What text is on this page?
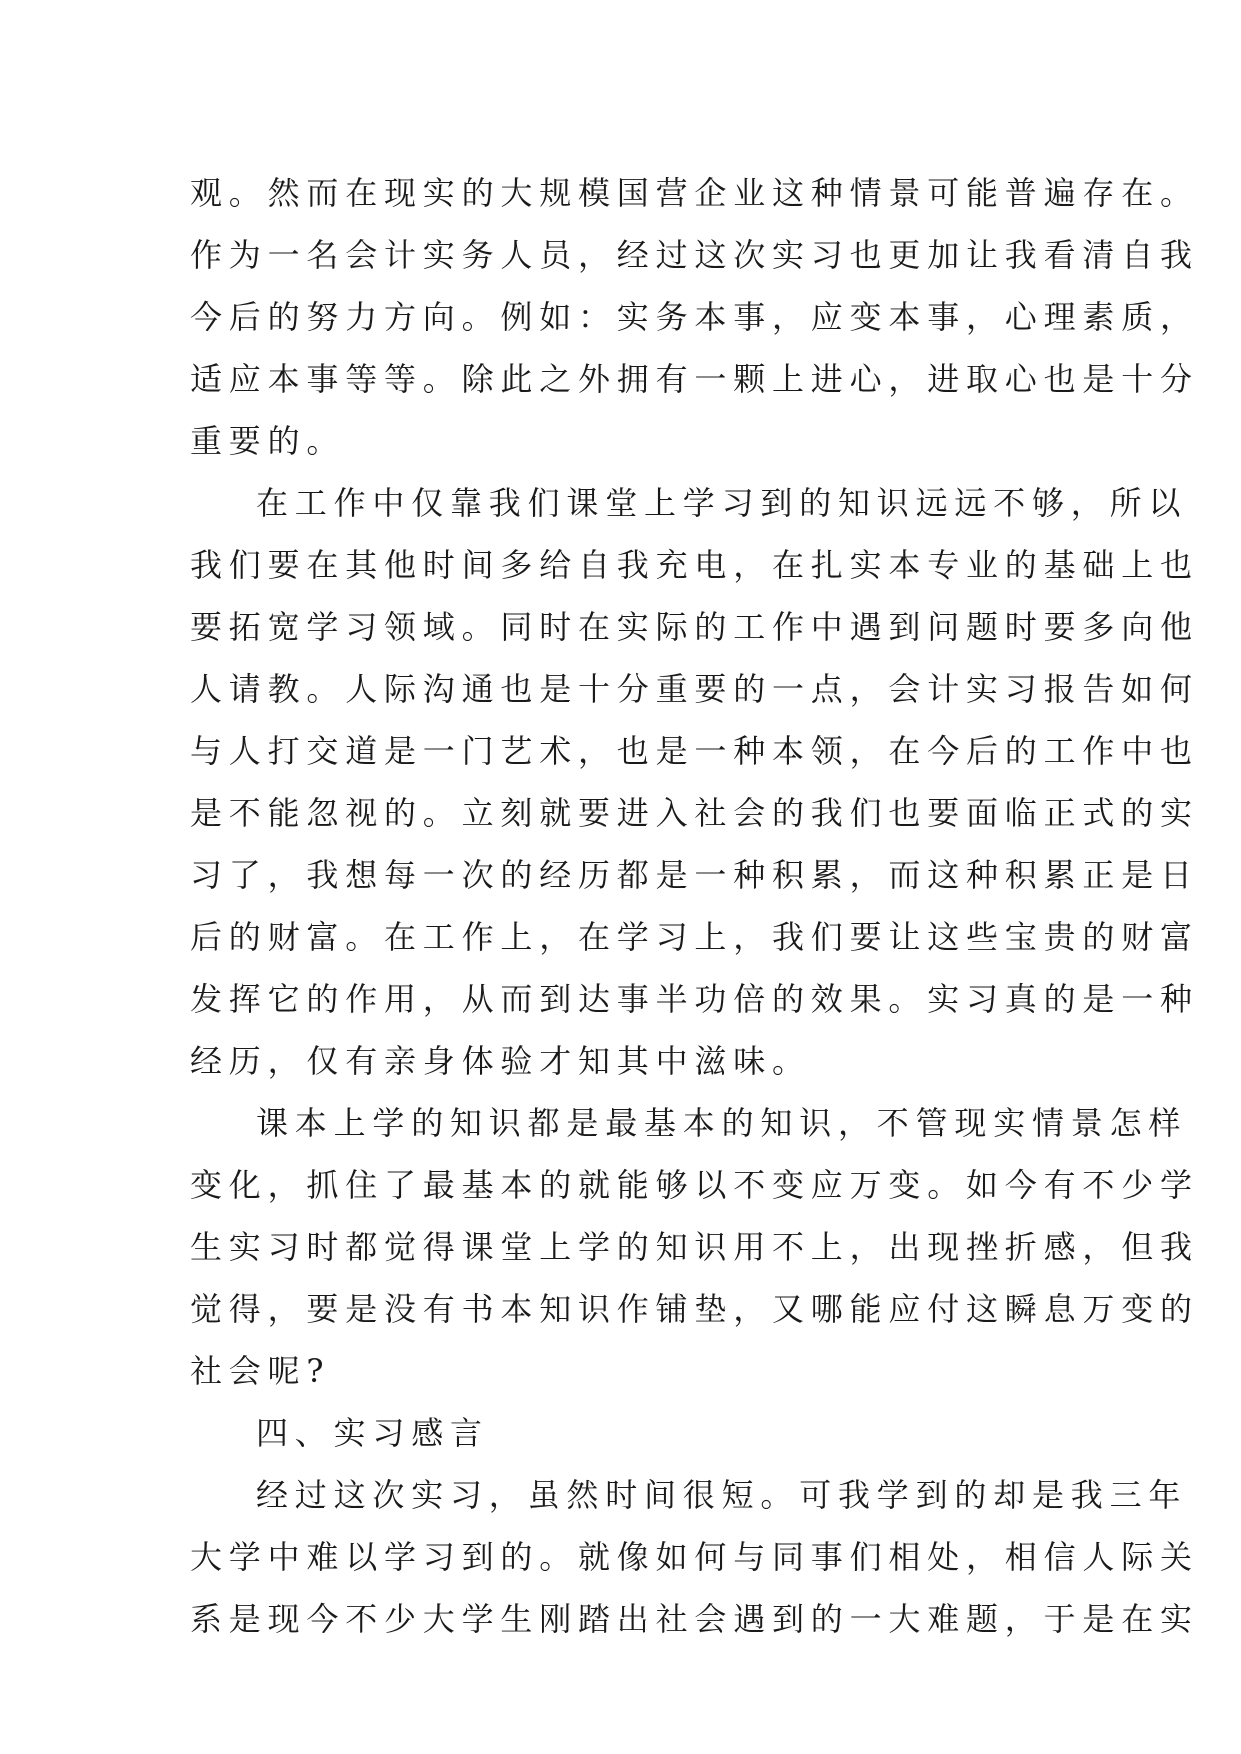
观。然而在现实的大规模国营企业这种情景可能普遍存在。
作为一名会计实务人员，经过这次实习也更加让我看清自我
今后的努力方向。例如：实务本事，应变本事，心理素质，
适应本事等等。除此之外拥有一颗上进心，进取心也是十分
重要的。
在工作中仅靠我们课堂上学习到的知识远远不够，所以
我们要在其他时间多给自我充电，在扎实本专业的基础上也
要拓宽学习领域。同时在实际的工作中遇到问题时要多向他
人请教。人际沟通也是十分重要的一点，会计实习报告如何
与人打交道是一门艺术，也是一种本领，在今后的工作中也
是不能忽视的。立刻就要进入社会的我们也要面临正式的实
习了，我想每一次的经历都是一种积累，而这种积累正是日
后的财富。在工作上，在学习上，我们要让这些宝贵的财富
发挥它的作用，从而到达事半功倍的效果。实习真的是一种
经历，仅有亲身体验才知其中滋味。
课本上学的知识都是最基本的知识，不管现实情景怎样
变化，抓住了最基本的就能够以不变应万变。如今有不少学
生实习时都觉得课堂上学的知识用不上，出现挫折感，但我
觉得，要是没有书本知识作铺垫，又哪能应付这瞬息万变的
社会呢?
四、实习感言
经过这次实习，虽然时间很短。可我学到的却是我三年
大学中难以学习到的。就像如何与同事们相处，相信人际关
系是现今不少大学生刚踏出社会遇到的一大难题，于是在实
